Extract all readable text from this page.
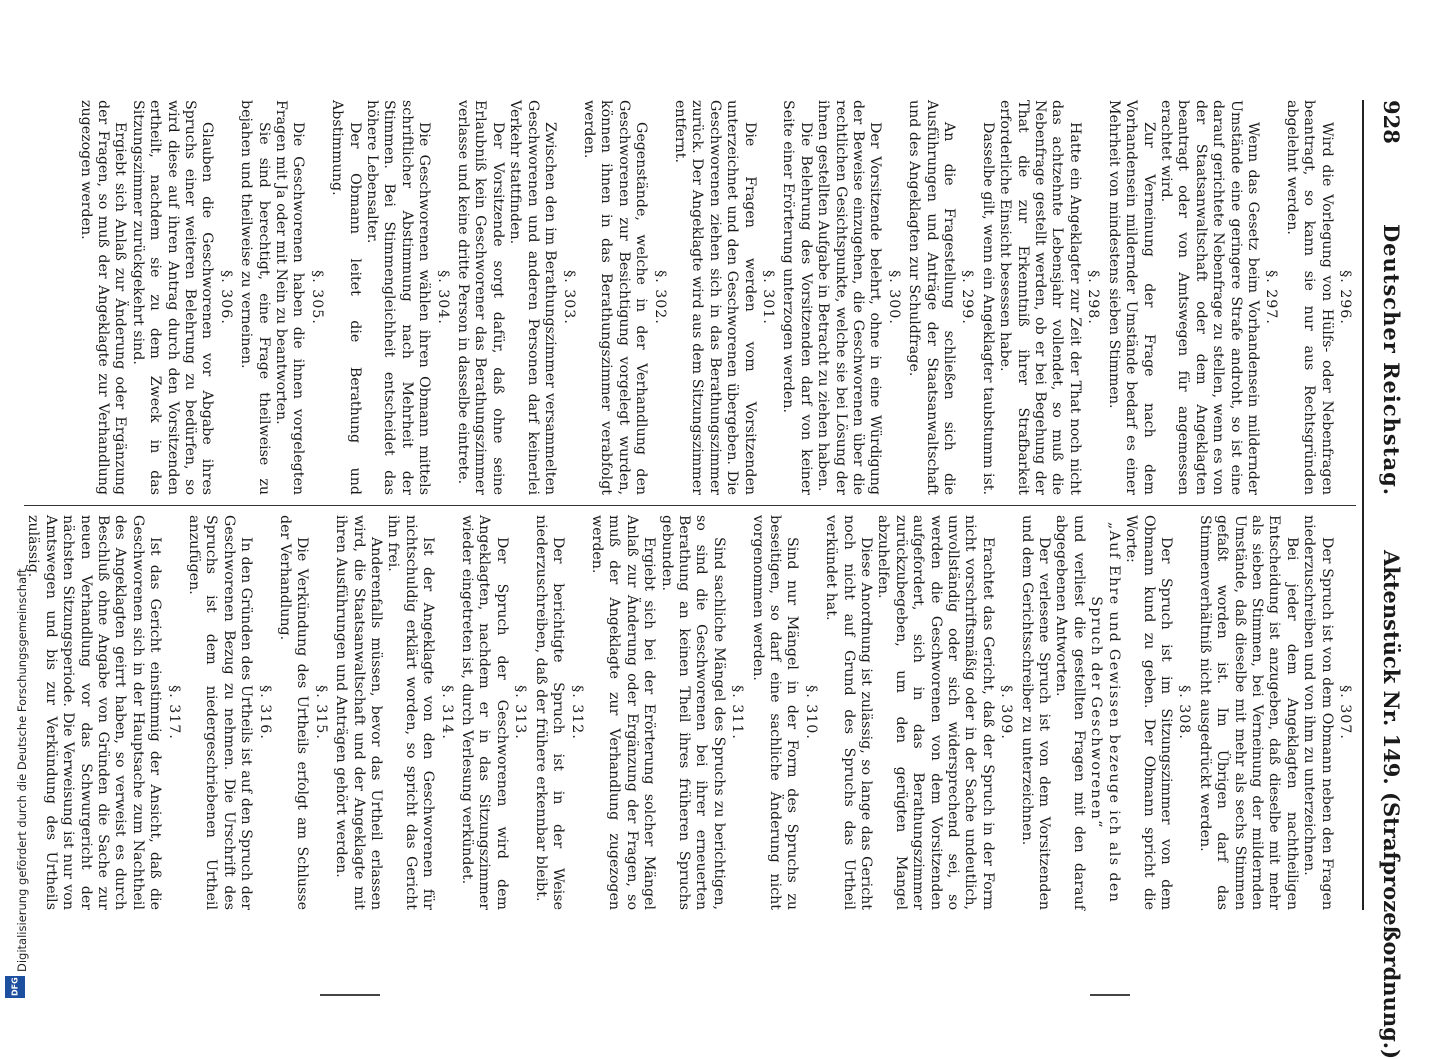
928
Deutscher Reichstag.
Aktenstück Nr. 149. (Strafprozeßordnung.)
§. 296.

Wird die Vorlegung von Hülfs- oder Nebenfragen beantragt, so kann sie nur aus Rechtsgründen abgelehnt werden.

§. 297.

Wenn das Gesetz beim Vorhandensein mildernder Umstände eine geringere Strafe androht, so ist eine darauf gerichtete Nebenfrage zu stellen, wenn es von der Staatsanwaltschaft oder dem Angeklagten beantragt oder von Amtswegen für angemessen erachtet wird.

Zur Verneinung der Frage nach dem Vorhandensein mildernder Umstände bedarf es einer Mehrheit von mindestens sieben Stimmen.

§. 298.

Hatte ein Angeklagter zur Zeit der That noch nicht das achtzehnte Lebensjahr vollendet, so muß die Nebenfrage gestellt werden, ob er bei Begehung der That die zur Erkenntniß ihrer Strafbarkeit erforderliche Einsicht besessen habe.

Dasselbe gilt, wenn ein Angeklagter taubstumm ist.

§. 299.

An die Fragestellung schließen sich die Ausführungen und Anträge der Staatsanwaltschaft und des Angeklagten zur Schuldfrage.

§. 300.

Der Vorsitzende belehrt, ohne in eine Würdigung der Beweise einzugehen, die Geschworenen über die rechtlichen Gesichtspunkte, welche sie bei Lösung der ihnen gestellten Aufgabe in Betracht zu ziehen haben.

Die Belehrung des Vorsitzenden darf von keiner Seite einer Erörterung unterzogen werden.

§. 301.

Die Fragen werden vom Vorsitzenden unterzeichnet und den Geschworenen übergeben. Die Geschworenen ziehen sich in das Berathungszimmer zurück. Der Angeklagte wird aus dem Sitzungszimmer entfernt.

§. 302.

Gegenstände, welche in der Verhandlung den Geschworenen zur Besichtigung vorgelegt wurden, können ihnen in das Berathungszimmer verabfolgt werden.

§. 303.

Zwischen den im Berathungszimmer versammelten Geschworenen und anderen Personen darf keinerlei Verkehr stattfinden.

Der Vorsitzende sorgt dafür, daß ohne seine Erlaubniß kein Geschworener das Berathungszimmer verlasse und keine dritte Person in dasselbe eintrete.

§. 304.

Die Geschworenen wählen ihren Obmann mittels schriftlicher Abstimmung nach Mehrheit der Stimmen. Bei Stimmengleichheit entscheidet das höhere Lebensalter.

Der Obmann leitet die Berathung und Abstimmung.

§. 305.

Die Geschworenen haben die ihnen vorgelegten Fragen mit Ja oder mit Nein zu beantworten.

Sie sind berechtigt, eine Frage theilweise zu bejahen und theilweise zu verneinen.

§. 306.

Glauben die Geschworenen vor Abgabe ihres Spruchs einer weiteren Belehrung zu bedürfen, so wird diese auf ihren Antrag durch den Vorsitzenden ertheilt, nachdem sie zu dem Zweck in das Sitzungszimmer zurückgekehrt sind.

Ergiebt sich Anlaß zur Änderung oder Ergänzung der Fragen, so muß der Angeklagte zur Verhandlung zugezogen werden.

§. 307.

Der Spruch ist von dem Obmann neben den Fragen niederzuschreiben und von ihm zu unterzeichnen.

Bei jeder dem Angeklagten nachtheiligen Entscheidung ist anzugeben, daß dieselbe mit mehr als sieben Stimmen, bei Verneinung der mildernden Umstände, daß dieselbe mit mehr als sechs Stimmen gefaßt worden ist. Im Übrigen darf das Stimmenverhältniß nicht ausgedrückt werden.

§. 308.

Der Spruch ist im Sitzungszimmer von dem Obmann kund zu geben. Der Obmann spricht die Worte:

„Auf Ehre und Gewissen bezeuge ich als den Spruch der Geschworenen“

und verliest die gestellten Fragen mit den darauf abgegebenen Antworten.

Der verlesene Spruch ist von dem Vorsitzenden und dem Gerichtsschreiber zu unterzeichnen.

§. 309.

Erachtet das Gericht, daß der Spruch in der Form nicht vorschriftsmäßig oder in der Sache undeutlich, unvollständig oder sich widersprechend sei, so werden die Geschworenen von dem Vorsitzenden aufgefordert, sich in das Berathungszimmer zurückzubegeben, um den gerügten Mangel abzuhelfen.

Diese Anordnung ist zulässig, so lange das Gericht noch nicht auf Grund des Spruchs das Urtheil verkündet hat.

§. 310.

Sind nur Mängel in der Form des Spruchs zu beseitigen, so darf eine sachliche Änderung nicht vorgenommen werden.

§. 311.

Sind sachliche Mängel des Spruchs zu berichtigen, so sind die Geschworenen bei ihrer erneuerten Berathung an keinen Theil ihres früheren Spruchs gebunden.

Ergiebt sich bei der Erörterung solcher Mängel Anlaß zur Änderung oder Ergänzung der Fragen, so muß der Angeklagte zur Verhandlung zugezogen werden.

§. 312.

Der berichtigte Spruch ist in der Weise niederzuschreiben, daß der frühere erkennbar bleibt.

§. 313.

Der Spruch der Geschworenen wird dem Angeklagten, nachdem er in das Sitzungszimmer wieder eingetreten ist, durch Verlesung verkündet.

§. 314.

Ist der Angeklagte von den Geschworenen für nichtschuldig erklärt worden, so spricht das Gericht ihn frei.

Anderenfalls müssen, bevor das Urtheil erlassen wird, die Staatsanwaltschaft und der Angeklagte mit ihren Ausführungen und Anträgen gehört werden.

§. 315.

Die Verkündung des Urtheils erfolgt am Schlusse der Verhandlung.

§. 316.

In den Gründen des Urtheils ist auf den Spruch der Geschworenen Bezug zu nehmen. Die Urschrift des Spruchs ist dem niedergeschriebenen Urtheil anzufügen.

§. 317.

Ist das Gericht einstimmig der Ansicht, daß die Geschworenen sich in der Hauptsache zum Nachtheil des Angeklagten geirrt haben, so verweist es durch Beschluß ohne Angabe von Gründen die Sache zur neuen Verhandlung vor das Schwurgericht der nächsten Sitzungsperiode. Die Verweisung ist nur von Amtswegen und bis zur Verkündung des Urtheils zulässig.

Digitalisierung gefördert durch die Deutsche Forschungsgemeinschaft
DFG
